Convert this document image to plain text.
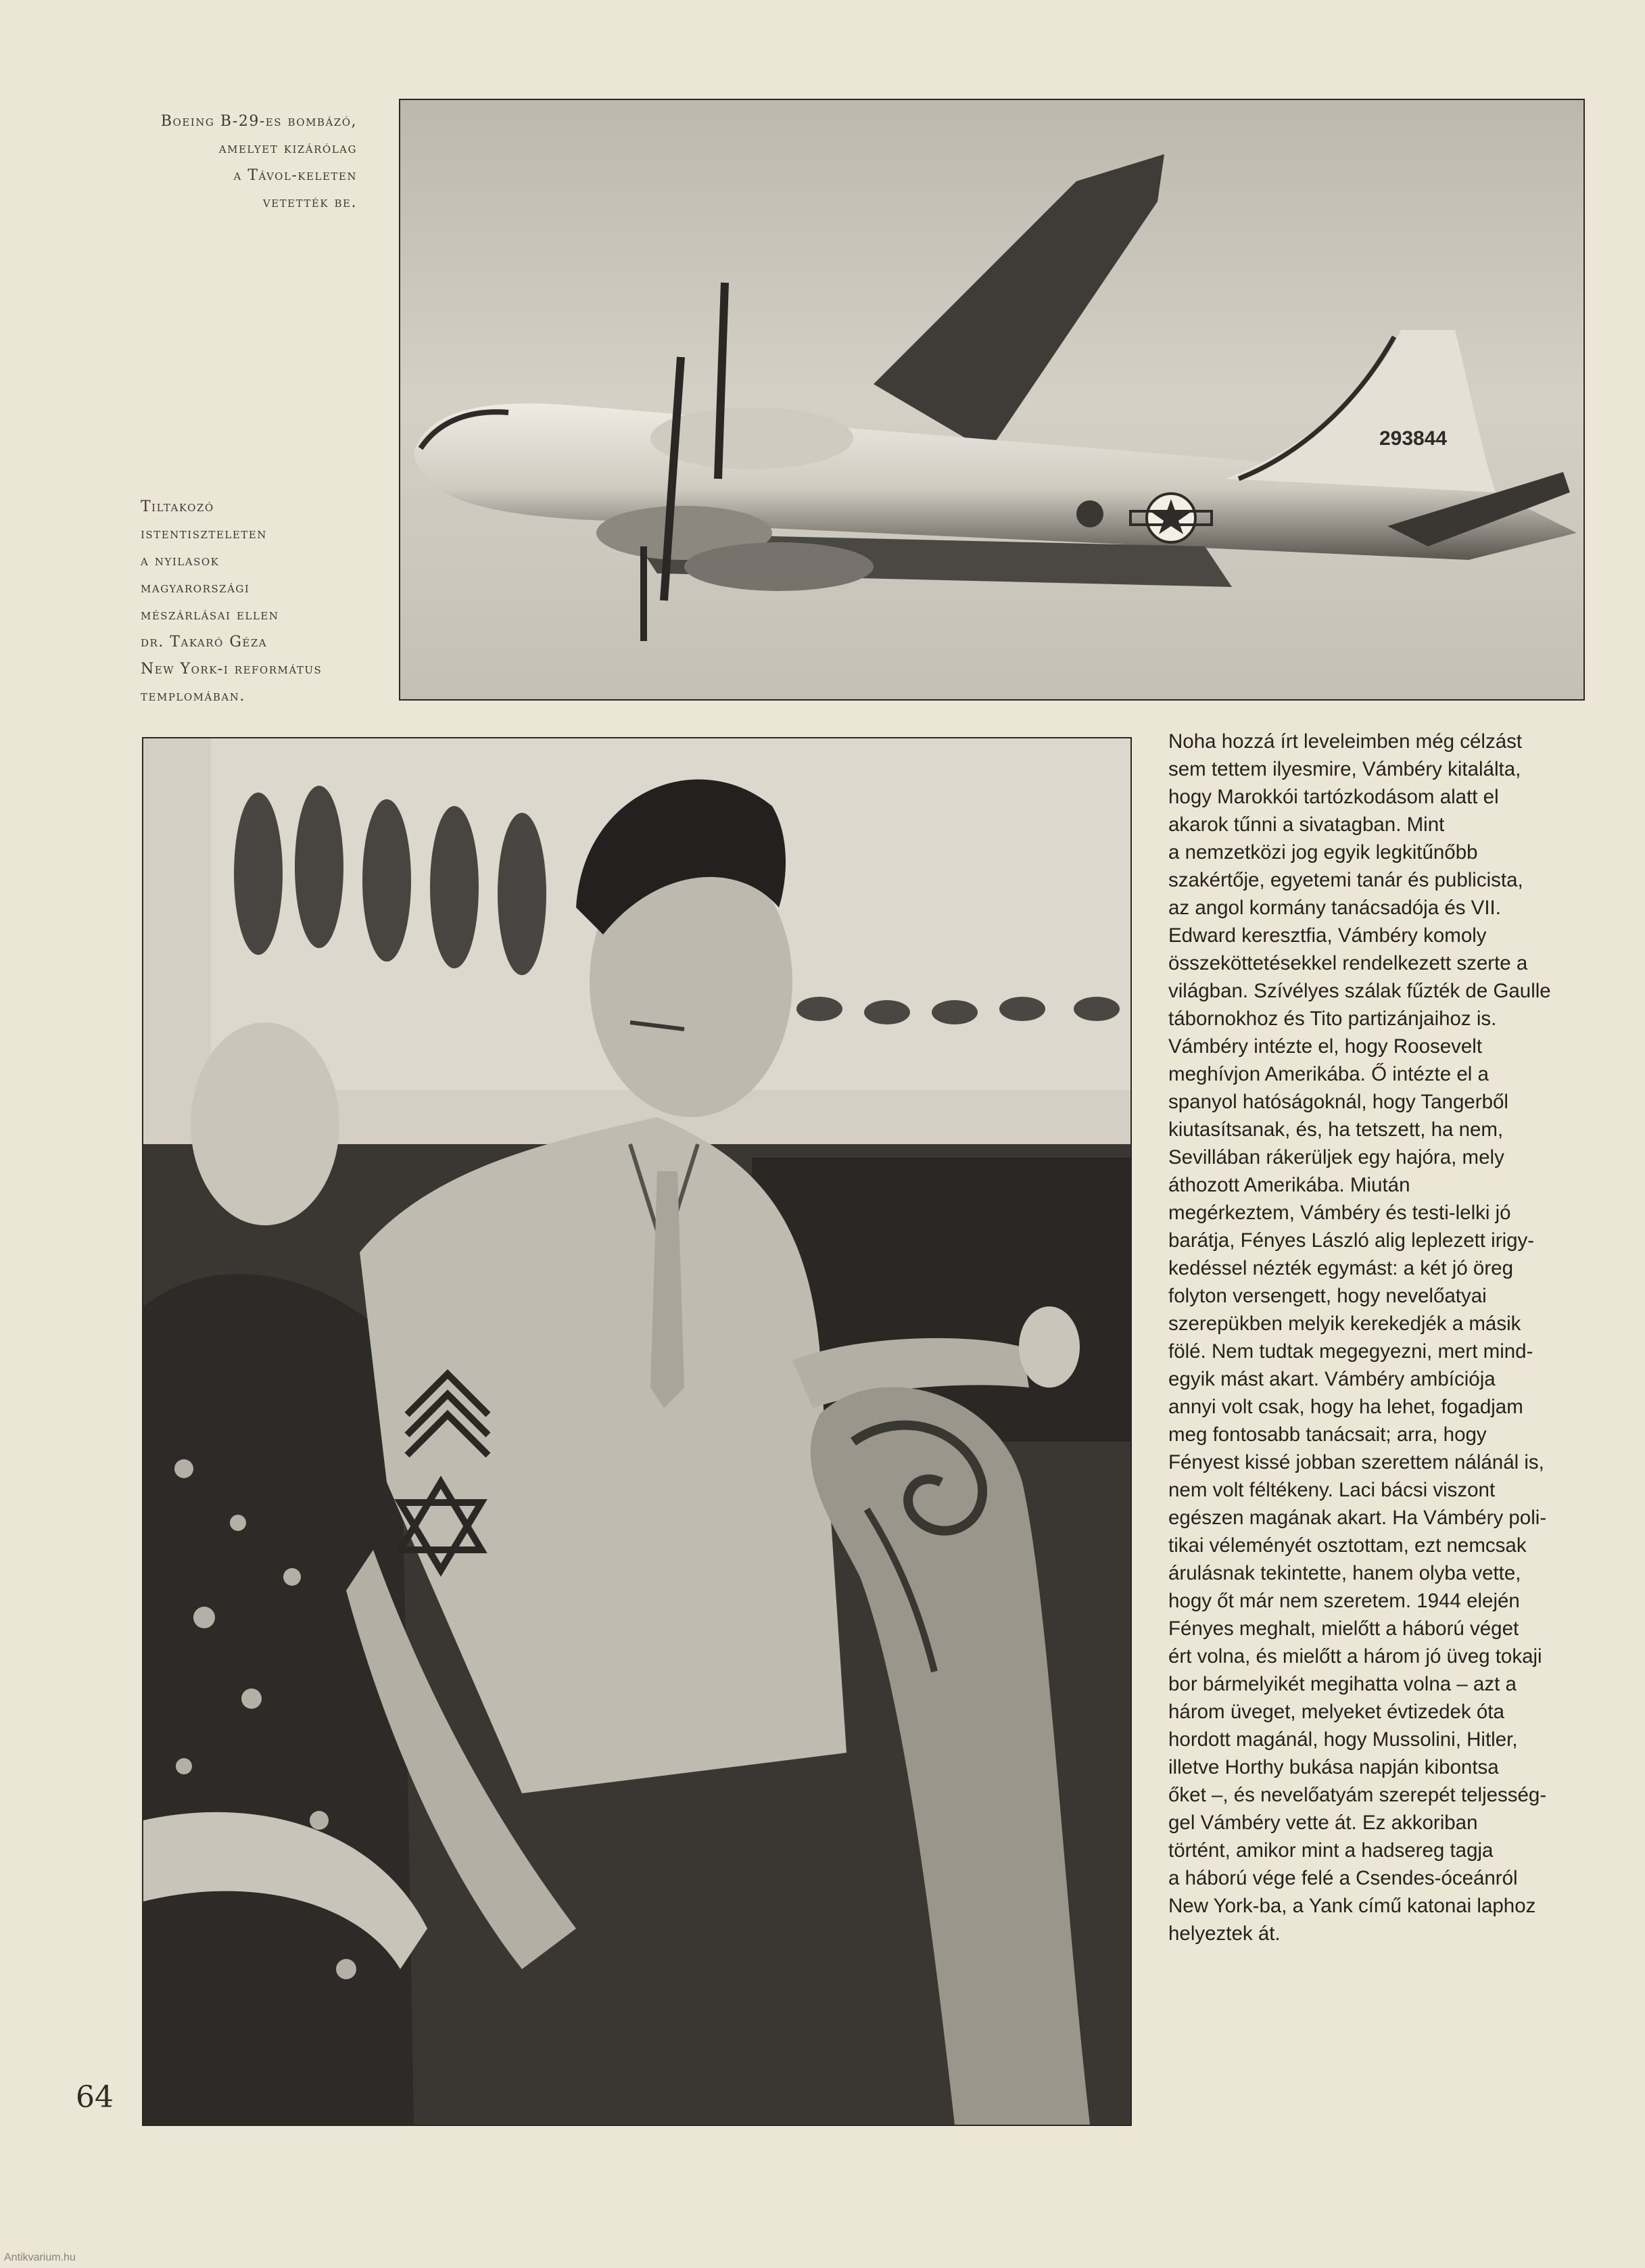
Boeing B-29-es bombázó,
amelyet kizárólag
a Távol-keleten
vetették be.
Tiltakozó
istentiszteleten
a nyilasok
magyarországi
mészárlásai ellen
dr. Takaró Géza
New York-i református
templomában.
293844
Noha hozzá írt leveleimben még célzást
sem tettem ilyesmire, Vámbéry kitalálta,
hogy Marokkói tartózkodásom alatt el
akarok tűnni a sivatagban. Mint
a nemzetközi jog egyik legkitűnőbb
szakértője, egyetemi tanár és publicista,
az angol kormány tanácsadója és VII.
Edward keresztfia, Vámbéry komoly
összeköttetésekkel rendelkezett szerte a
világban. Szívélyes szálak fűzték de Gaulle
tábornokhoz és Tito partizánjaihoz is.
Vámbéry intézte el, hogy Roosevelt
meghívjon Amerikába. Ő intézte el a
spanyol hatóságoknál, hogy Tangerből
kiutasítsanak, és, ha tetszett, ha nem,
Sevillában rákerüljek egy hajóra, mely
áthozott Amerikába. Miután
megérkeztem, Vámbéry és testi-lelki jó
barátja, Fényes László alig leplezett irigy-
kedéssel nézték egymást: a két jó öreg
folyton versengett, hogy nevelőatyai
szerepükben melyik kerekedjék a másik
fölé. Nem tudtak megegyezni, mert mind-
egyik mást akart. Vámbéry ambíciója
annyi volt csak, hogy ha lehet, fogadjam
meg fontosabb tanácsait; arra, hogy
Fényest kissé jobban szerettem nálánál is,
nem volt féltékeny. Laci bácsi viszont
egészen magának akart. Ha Vámbéry poli-
tikai véleményét osztottam, ezt nemcsak
árulásnak tekintette, hanem olyba vette,
hogy őt már nem szeretem. 1944 elején
Fényes meghalt, mielőtt a háború véget
ért volna, és mielőtt a három jó üveg tokaji
bor bármelyikét megihatta volna – azt a
három üveget, melyeket évtizedek óta
hordott magánál, hogy Mussolini, Hitler,
illetve Horthy bukása napján kibontsa
őket –, és nevelőatyám szerepét teljesség-
gel Vámbéry vette át. Ez akkoriban
történt, amikor mint a hadsereg tagja
a háború vége felé a Csendes-óceánról
New York-ba, a Yank című katonai laphoz
helyeztek át.
64
Antikvarium.hu
